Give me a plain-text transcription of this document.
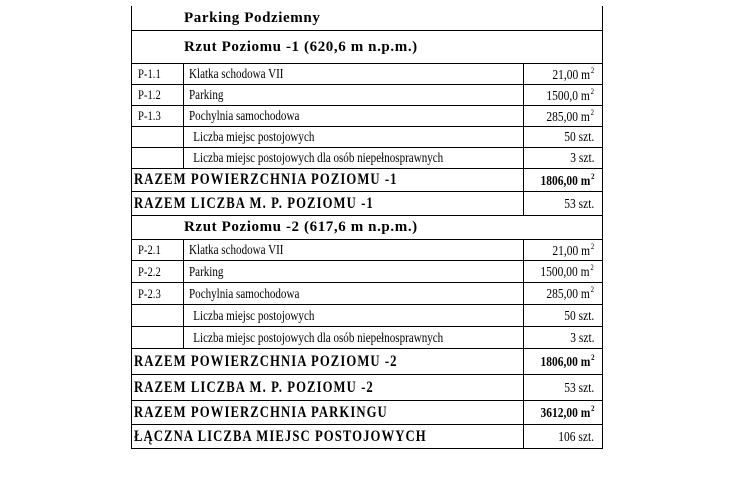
Parking Podziemny
Rzut Poziomu -1 (620,6 m n.p.m.)
P-1.1 Klatka schodowa VII	21,00 $m^2$
P-1.2 Parking	1500,0 $m^2$
P-1.3 Pochylnia samochodowa	285,00 $m^2$
Liczba miejsc postojowych	50 szt.
Liczba miejsc postojowych dla osób niepełnosprawnych	3 szt.
RAZEM POWIERZCHNIA POZIOMU -1	1806,00 $m^2$
RAZEM LICZBA M. P. POZIOMU -1	53 szt.
Rzut Poziomu -2 (617,6 m n.p.m.)
P-2.1 Klatka schodowa VII	21,00 $m^2$
P-2.2 Parking	1500,00 $m^2$
P-2.3 Pochylnia samochodowa	285,00 $m^2$
Liczba miejsc postojowych	50 szt.
Liczba miejsc postojowych dla osób niepełnosprawnych	3 szt.
RAZEM POWIERZCHNIA POZIOMU -2	1806,00 $m^2$
RAZEM LICZBA M. P. POZIOMU -2	53 szt.
RAZEM POWIERZCHNIA PARKINGU	3612,00 $m^2$
ŁĄCZNA LICZBA MIEJSC POSTOJOWYCH	106 szt.
